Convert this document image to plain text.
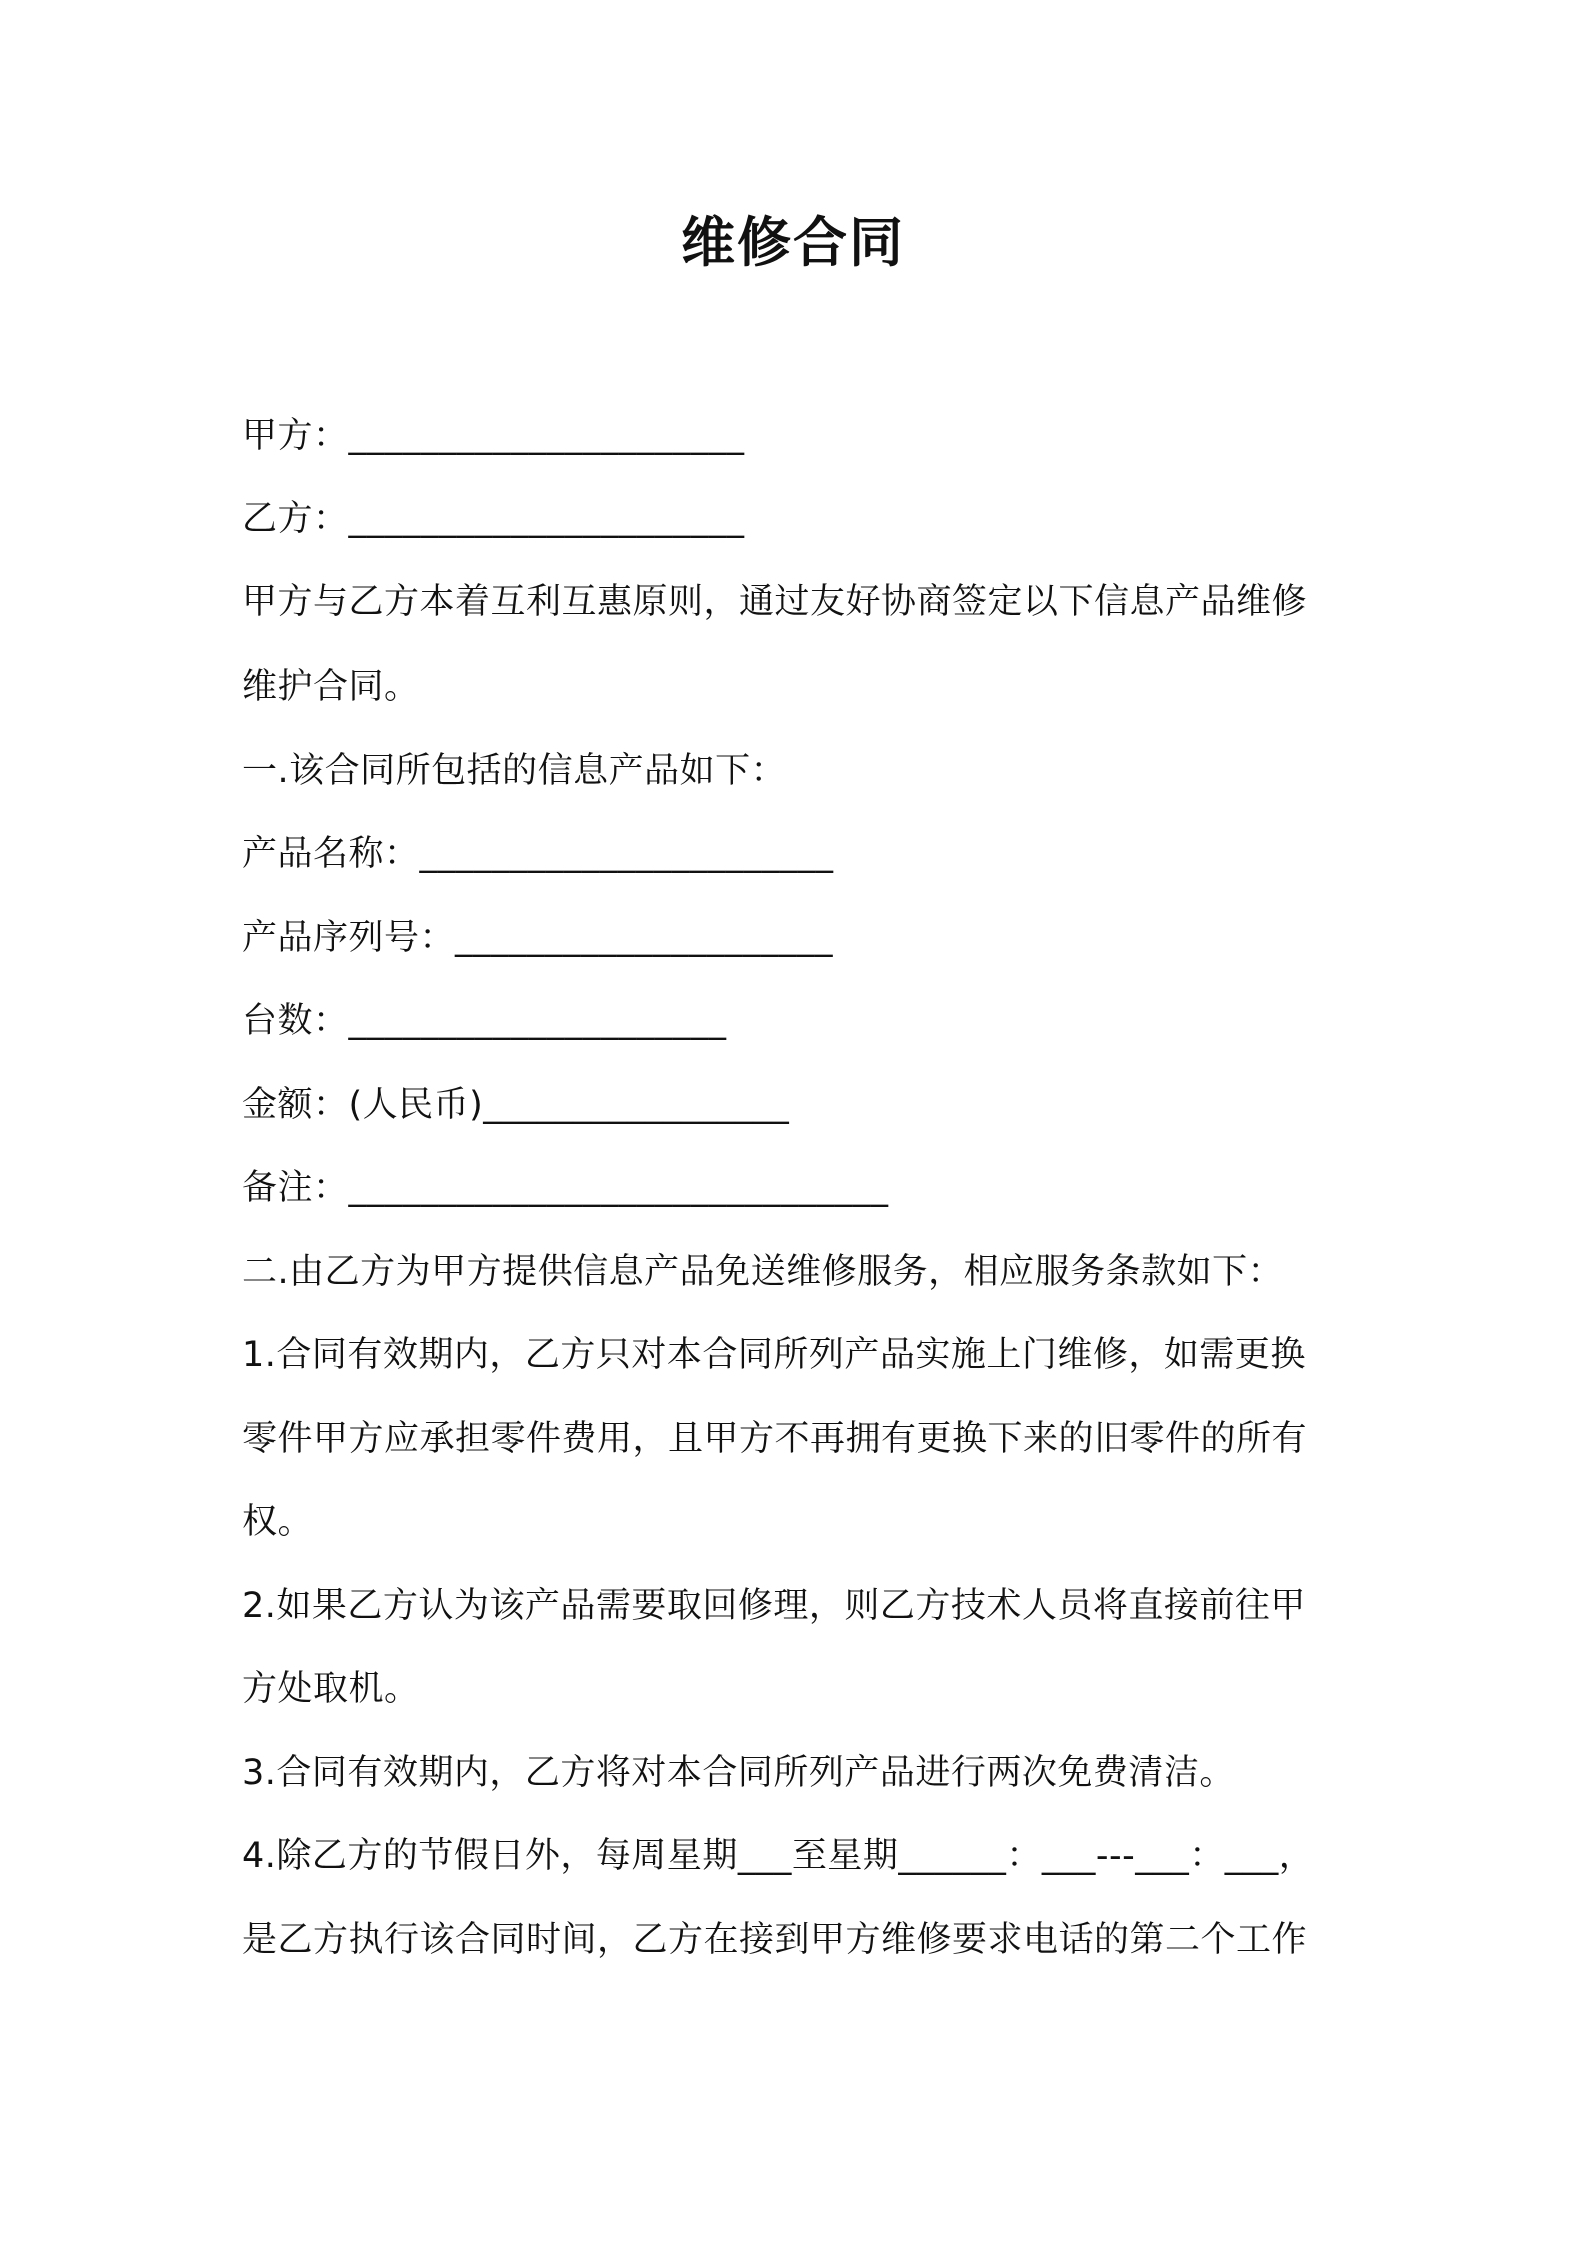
维修合同
甲方：______________________
乙方：______________________
甲方与乙方本着互利互惠原则，通过友好协商签定以下信息产品维修
维护合同。
一.该合同所包括的信息产品如下：
产品名称：_______________________
产品序列号：_____________________
台数：_____________________
金额：(人民币)_________________
备注：______________________________
二.由乙方为甲方提供信息产品免送维修服务，相应服务条款如下：
1.合同有效期内，乙方只对本合同所列产品实施上门维修，如需更换
零件甲方应承担零件费用，且甲方不再拥有更换下来的旧零件的所有
权。
2.如果乙方认为该产品需要取回修理，则乙方技术人员将直接前往甲
方处取机。
3.合同有效期内，乙方将对本合同所列产品进行两次免费清洁。
4.除乙方的节假日外，每周星期___至星期______：___---___：___，
是乙方执行该合同时间，乙方在接到甲方维修要求电话的第二个工作
